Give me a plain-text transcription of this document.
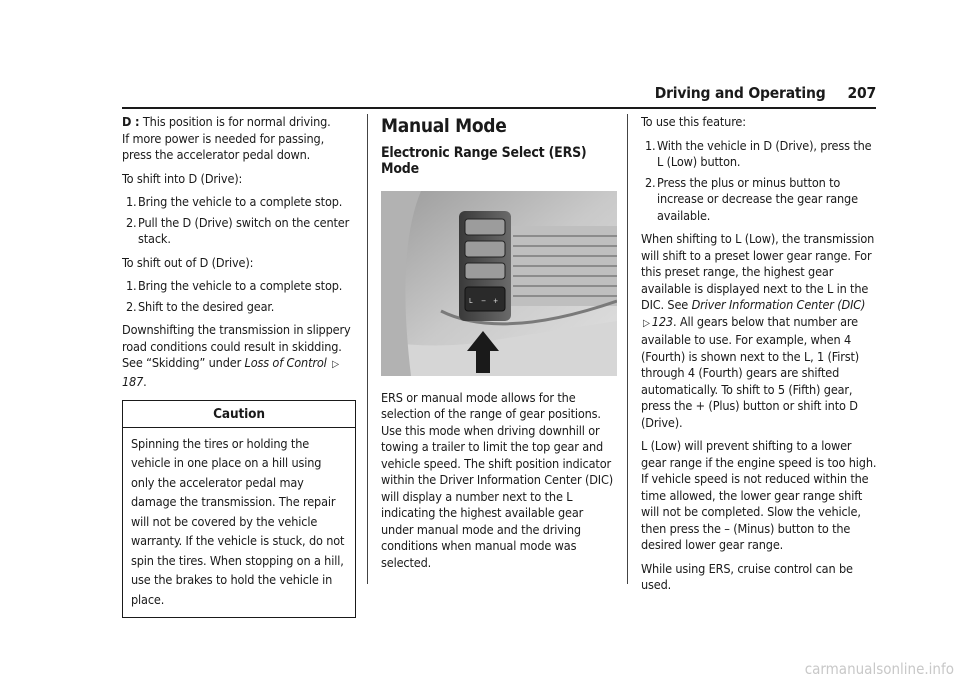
Driving and Operating 207

D : This position is for normal driving.
If more power is needed for passing, press the accelerator pedal down.

To shift into D (Drive):

1. Bring the vehicle to a complete stop.
2. Pull the D (Drive) switch on the center stack.

To shift out of D (Drive):

1. Bring the vehicle to a complete stop.
2. Shift to the desired gear.

Downshifting the transmission in slippery road conditions could result in skidding. See “Skidding” under Loss of Control ▷187.

Caution
Spinning the tires or holding the vehicle in one place on a hill using only the accelerator pedal may damage the transmission. The repair will not be covered by the vehicle warranty. If the vehicle is stuck, do not spin the tires. When stopping on a hill, use the brakes to hold the vehicle in place.
Manual Mode
Electronic Range Select (ERS) Mode
L − +

ERS or manual mode allows for the selection of the range of gear positions. Use this mode when driving downhill or towing a trailer to limit the top gear and vehicle speed. The shift position indicator within the Driver Information Center (DIC) will display a number next to the L indicating the highest available gear under manual mode and the driving conditions when manual mode was selected.

To use this feature:

1. With the vehicle in D (Drive), press the L (Low) button.
2. Press the plus or minus button to increase or decrease the gear range available.

When shifting to L (Low), the transmission will shift to a preset lower gear range. For this preset range, the highest gear available is displayed next to the L in the DIC. See Driver Information Center (DIC) ▷ 123. All gears below that number are available to use. For example, when 4 (Fourth) is shown next to the L, 1 (First) through 4 (Fourth) gears are shifted automatically. To shift to 5 (Fifth) gear, press the + (Plus) button or shift into D (Drive).

L (Low) will prevent shifting to a lower gear range if the engine speed is too high.

If vehicle speed is not reduced within the time allowed, the lower gear range shift will not be completed. Slow the vehicle, then press the – (Minus) button to the desired lower gear range.

While using ERS, cruise control can be used.

carmanualsonline.info
